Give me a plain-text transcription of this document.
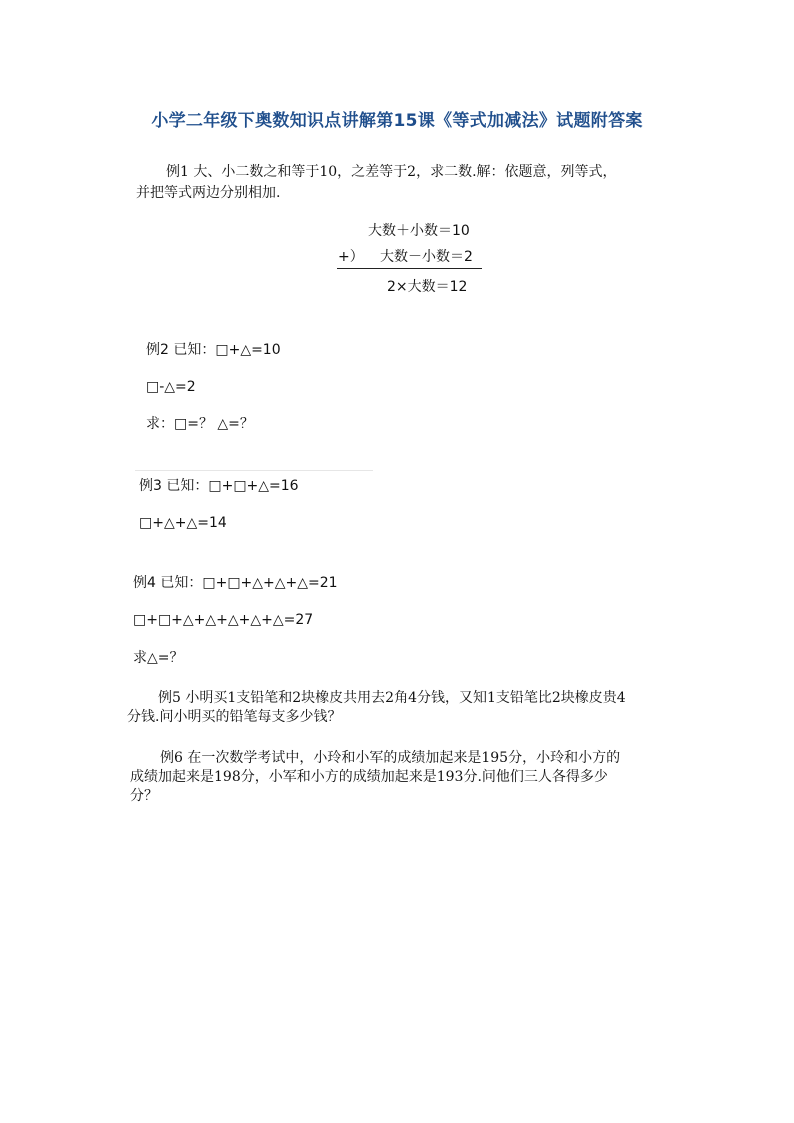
小学二年级下奥数知识点讲解第15课《等式加减法》试题附答案
例1 大、小二数之和等于10，之差等于2，求二数.解：依题意，列等式，
并把等式两边分别相加.
大数＋小数＝10
+） 大数－小数＝2
2×大数＝12
例2 已知：□+△=10
□-△=2
求：□=？ △=？
例3 已知：□+□+△=16
□+△+△=14
例4 已知：□+□+△+△+△=21
□+□+△+△+△+△+△=27
求△=？
例5 小明买1支铅笔和2块橡皮共用去2角4分钱，又知1支铅笔比2块橡皮贵4
分钱.问小明买的铅笔每支多少钱？
例6 在一次数学考试中，小玲和小军的成绩加起来是195分，小玲和小方的
成绩加起来是198分，小军和小方的成绩加起来是193分.问他们三人各得多少
分？
